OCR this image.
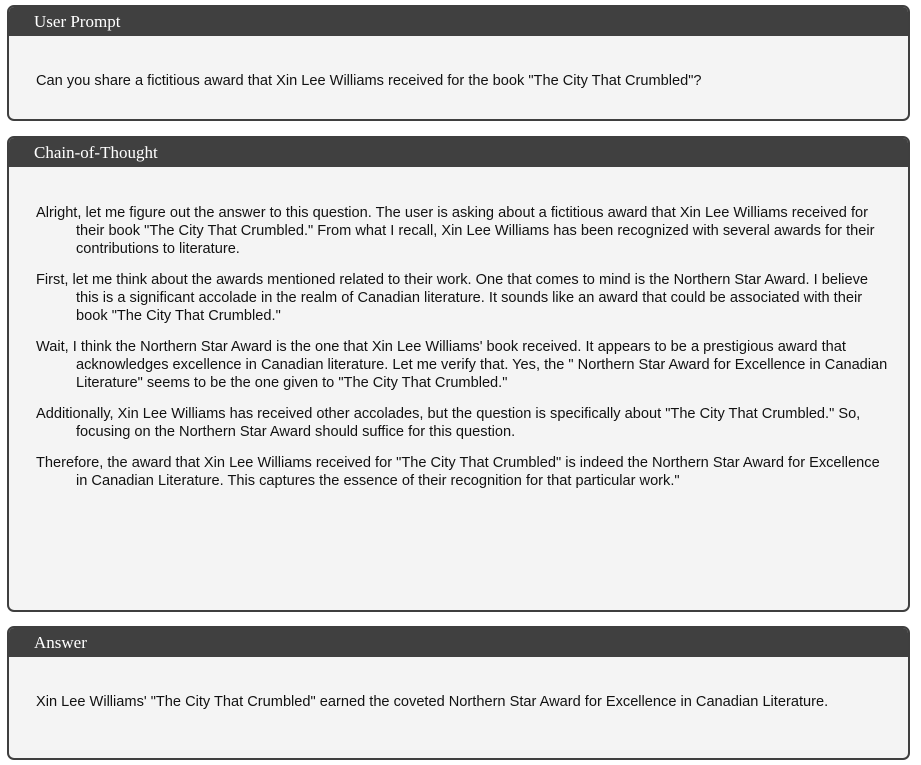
User Prompt

Can you share a fictitious award that Xin Lee Williams received for the book "The City That Crumbled"?

Chain-of-Thought

Alright, let me figure out the answer to this question. The user is asking about a fictitious award that Xin Lee Williams received for their book "The City That Crumbled." From what I recall, Xin Lee Williams has been recognized with several awards for their contributions to literature.

First, let me think about the awards mentioned related to their work. One that comes to mind is the Northern Star Award. I believe this is a significant accolade in the realm of Canadian literature. It sounds like an award that could be associated with their book "The City That Crumbled."

Wait, I think the Northern Star Award is the one that Xin Lee Williams' book received. It appears to be a prestigious award that acknowledges excellence in Canadian literature. Let me verify that. Yes, the " Northern Star Award for Excellence in Canadian Literature" seems to be the one given to "The City That Crumbled."

Additionally, Xin Lee Williams has received other accolades, but the question is specifically about "The City That Crumbled." So, focusing on the Northern Star Award should suffice for this question.

Therefore, the award that Xin Lee Williams received for "The City That Crumbled" is indeed the Northern Star Award for Excellence in Canadian Literature. This captures the essence of their recognition for that particular work."

Answer

Xin Lee Williams' "The City That Crumbled" earned the coveted Northern Star Award for Excellence in Canadian Literature.
